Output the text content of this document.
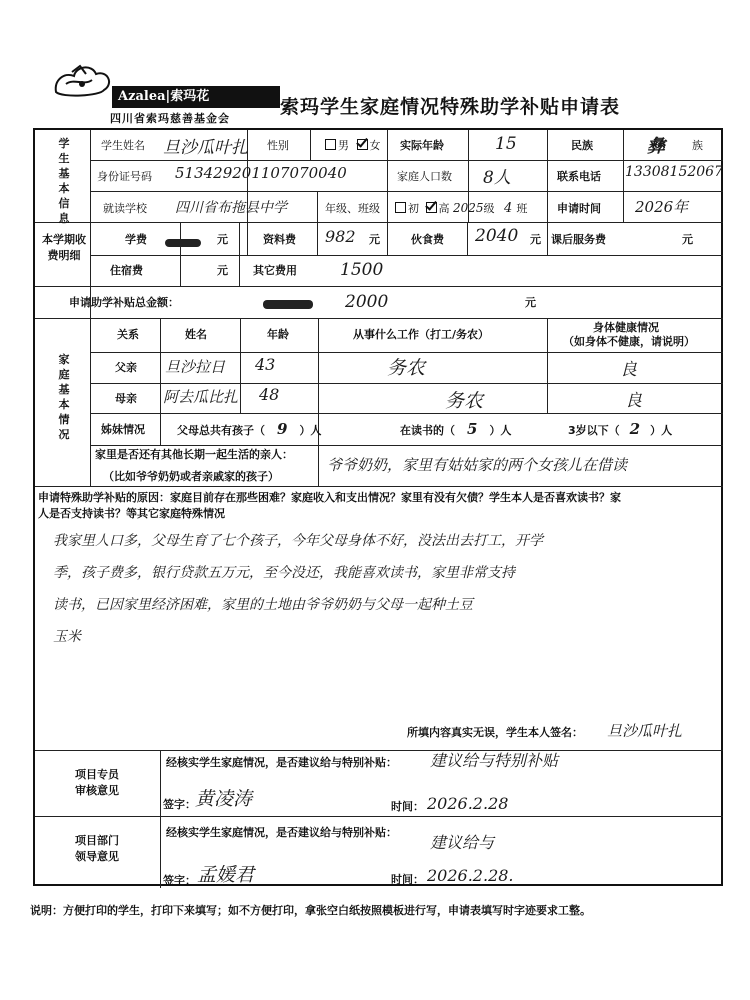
Azalea|索玛花
四川省索玛慈善基金会
索玛学生家庭情况特殊助学补贴申请表
学生基本信息
学生姓名 旦沙瓜叶扎 性别	男 女 实际年龄	15	民族	彝 族
身份证号码 513429201107070040	家庭人口数 8人	联系电话 13308152067
就读学校 四川省布拖县中学	年级、班级	初 高 2025级 4 班	申请时间 2026年
本学期收费明细
学费	元	资料费 982 元	伙食费 2040 元 课后服务费	元
住宿费	元 其它费用	1500
申请助学补贴总金额：	2000	元
家庭基本情况
关系	姓名	年龄	从事什么工作（打工/务农）
身体健康情况
（如身体不健康，请说明）
父亲 旦沙拉日 43	务农	良
母亲 阿去瓜比扎 48	务农	良
姊妹情况	父母总共有孩子（ 9 ）人	在读书的（ 5 ）人	3岁以下（ 2 ）人
家里是否还有其他长期一起生活的亲人：
（比如爷爷奶奶或者亲戚家的孩子）
爷爷奶奶，家里有姑姑家的两个女孩儿在借读
申请特殊助学补贴的原因：家庭目前存在那些困难？家庭收入和支出情况？家里有没有欠债？学生本人是否喜欢读书？家
人是否支持读书？等其它家庭特殊情况
我家里人口多，父母生育了七个孩子，今年父母身体不好，没法出去打工，开学
季，孩子费多，银行贷款五万元，至今没还，我能喜欢读书，家里非常支持
读书，已因家里经济困难，家里的土地由爷爷奶奶与父母一起种土豆
玉米
所填内容真实无误，学生本人签名： 旦沙瓜叶扎
项目专员
审核意见
经核实学生家庭情况，是否建议给与特别补贴： 建议给与特别补贴
签字： 黄凌涛	时间： 2026.2.28
项目部门
领导意见
经核实学生家庭情况，是否建议给与特别补贴：
建议给与
签字： 孟媛君	时间： 2026.2.28.
说明：方便打印的学生，打印下来填写；如不方便打印，拿张空白纸按照模板进行写，申请表填写时字迹要求工整。
